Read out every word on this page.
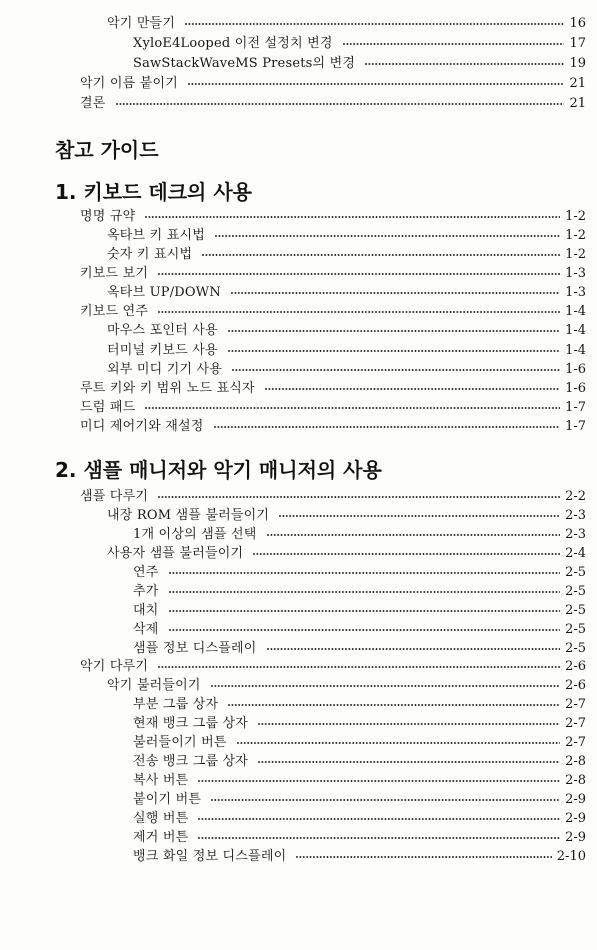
악기 만들기	16
XyloE4Looped 이전 설정치 변경	17
SawStackWaveMS Presets의 변경	19
악기 이름 붙이기	21
결론	21
참고 가이드
1. 키보드 데크의 사용
명명 규약	1-2
옥타브 키 표시법	1-2
숫자 키 표시법	1-2
키보드 보기	1-3
옥타브 UP/DOWN	1-3
키보드 연주	1-4
마우스 포인터 사용	1-4
터미널 키보드 사용	1-4
외부 미디 기기 사용	1-6
루트 키와 키 범위 노드 표식자	1-6
드럼 패드	1-7
미디 제어기와 재설정	1-7
2. 샘플 매니저와 악기 매니저의 사용
샘플 다루기	2-2
내장 ROM 샘플 불러들이기	2-3
1개 이상의 샘플 선택	2-3
사용자 샘플 불러들이기	2-4
연주	2-5
추가	2-5
대치	2-5
삭제	2-5
샘플 정보 디스플레이	2-5
악기 다루기	2-6
악기 불러들이기	2-6
부분 그룹 상자	2-7
현재 뱅크 그룹 상자	2-7
불러들이기 버튼	2-7
전송 뱅크 그룹 상자	2-8
복사 버튼	2-8
붙이기 버튼	2-9
실행 버튼	2-9
제거 버튼	2-9
뱅크 화일 정보 디스플레이	2-10
